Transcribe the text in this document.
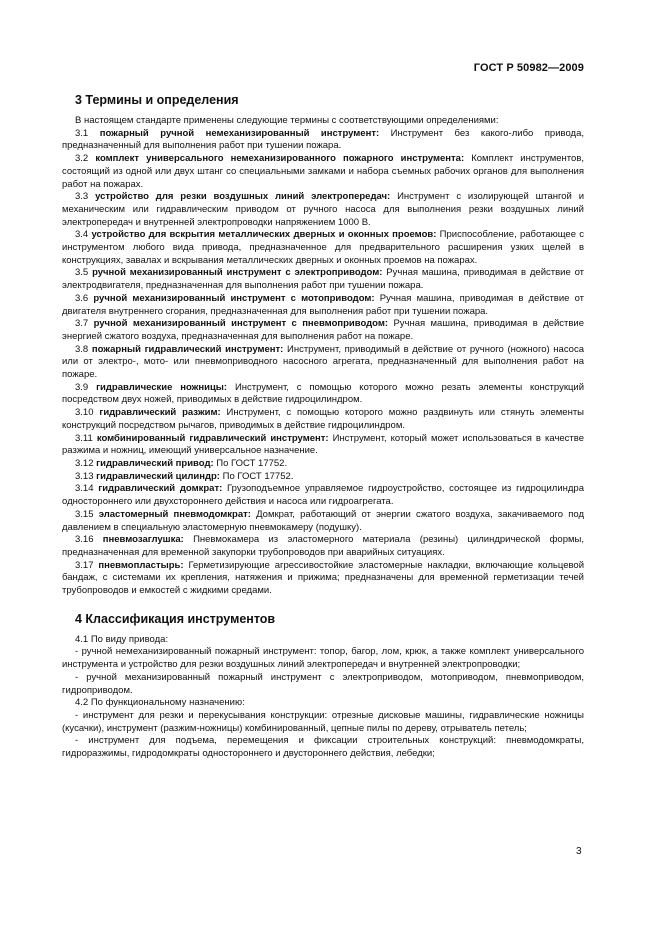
ГОСТ Р 50982—2009
3 Термины и определения

В настоящем стандарте применены следующие термины с соответствующими определениями:

3.1 пожарный ручной немеханизированный инструмент: Инструмент без какого-либо привода, предназначенный для выполнения работ при тушении пожара.

3.2 комплект универсального немеханизированного пожарного инструмента: Комплект инструментов, состоящий из одной или двух штанг со специальными замками и набора съемных рабочих органов для выполнения работ на пожарах.

3.3 устройство для резки воздушных линий электропередач: Инструмент с изолирующей штангой и механическим или гидравлическим приводом от ручного насоса для выполнения резки воздушных линий электропередач и внутренней электропроводки напряжением 1000 В.

3.4 устройство для вскрытия металлических дверных и оконных проемов: Приспособление, работающее с инструментом любого вида привода, предназначенное для предварительного расширения узких щелей в конструкциях, завалах и вскрывания металлических дверных и оконных проемов на пожарах.

3.5 ручной механизированный инструмент с электроприводом: Ручная машина, приводимая в действие от электродвигателя, предназначенная для выполнения работ при тушении пожара.

3.6 ручной механизированный инструмент с мотоприводом: Ручная машина, приводимая в действие от двигателя внутреннего сгорания, предназначенная для выполнения работ при тушении пожара.

3.7 ручной механизированный инструмент с пневмоприводом: Ручная машина, приводимая в действие энергией сжатого воздуха, предназначенная для выполнения работ на пожаре.

3.8 пожарный гидравлический инструмент: Инструмент, приводимый в действие от ручного (ножного) насоса или от электро-, мото- или пневмоприводного насосного агрегата, предназначенный для выполнения работ на пожаре.

3.9 гидравлические ножницы: Инструмент, с помощью которого можно резать элементы конструкций посредством двух ножей, приводимых в действие гидроцилиндром.

3.10 гидравлический разжим: Инструмент, с помощью которого можно раздвинуть или стянуть элементы конструкций посредством рычагов, приводимых в действие гидроцилиндром.

3.11 комбинированный гидравлический инструмент: Инструмент, который может использоваться в качестве разжима и ножниц, имеющий универсальное назначение.

3.12 гидравлический привод: По ГОСТ 17752.

3.13 гидравлический цилиндр: По ГОСТ 17752.

3.14 гидравлический домкрат: Грузоподъемное управляемое гидроустройство, состоящее из гидроцилиндра одностороннего или двухстороннего действия и насоса или гидроагрегата.

3.15 эластомерный пневмодомкрат: Домкрат, работающий от энергии сжатого воздуха, закачиваемого под давлением в специальную эластомерную пневмокамеру (подушку).

3.16 пневмозаглушка: Пневмокамера из эластомерного материала (резины) цилиндрической формы, предназначенная для временной закупорки трубопроводов при аварийных ситуациях.

3.17 пневмопластырь: Герметизирующие агрессивостойкие эластомерные накладки, включающие кольцевой бандаж, с системами их крепления, натяжения и прижима; предназначены для временной герметизации течей трубопроводов и емкостей с жидкими средами.

4 Классификация инструментов

4.1 По виду привода:

- ручной немеханизированный пожарный инструмент: топор, багор, лом, крюк, а также комплект универсального инструмента и устройство для резки воздушных линий электропередач и внутренней электропроводки;

- ручной механизированный пожарный инструмент с электроприводом, мотоприводом, пневмоприводом, гидроприводом.

4.2 По функциональному назначению:

- инструмент для резки и перекусывания конструкции: отрезные дисковые машины, гидравлические ножницы (кусачки), инструмент (разжим-ножницы) комбинированный, цепные пилы по дереву, отрыватель петель;

- инструмент для подъема, перемещения и фиксации строительных конструкций: пневмодомкраты, гидроразжимы, гидродомкраты одностороннего и двустороннего действия, лебедки;

3
